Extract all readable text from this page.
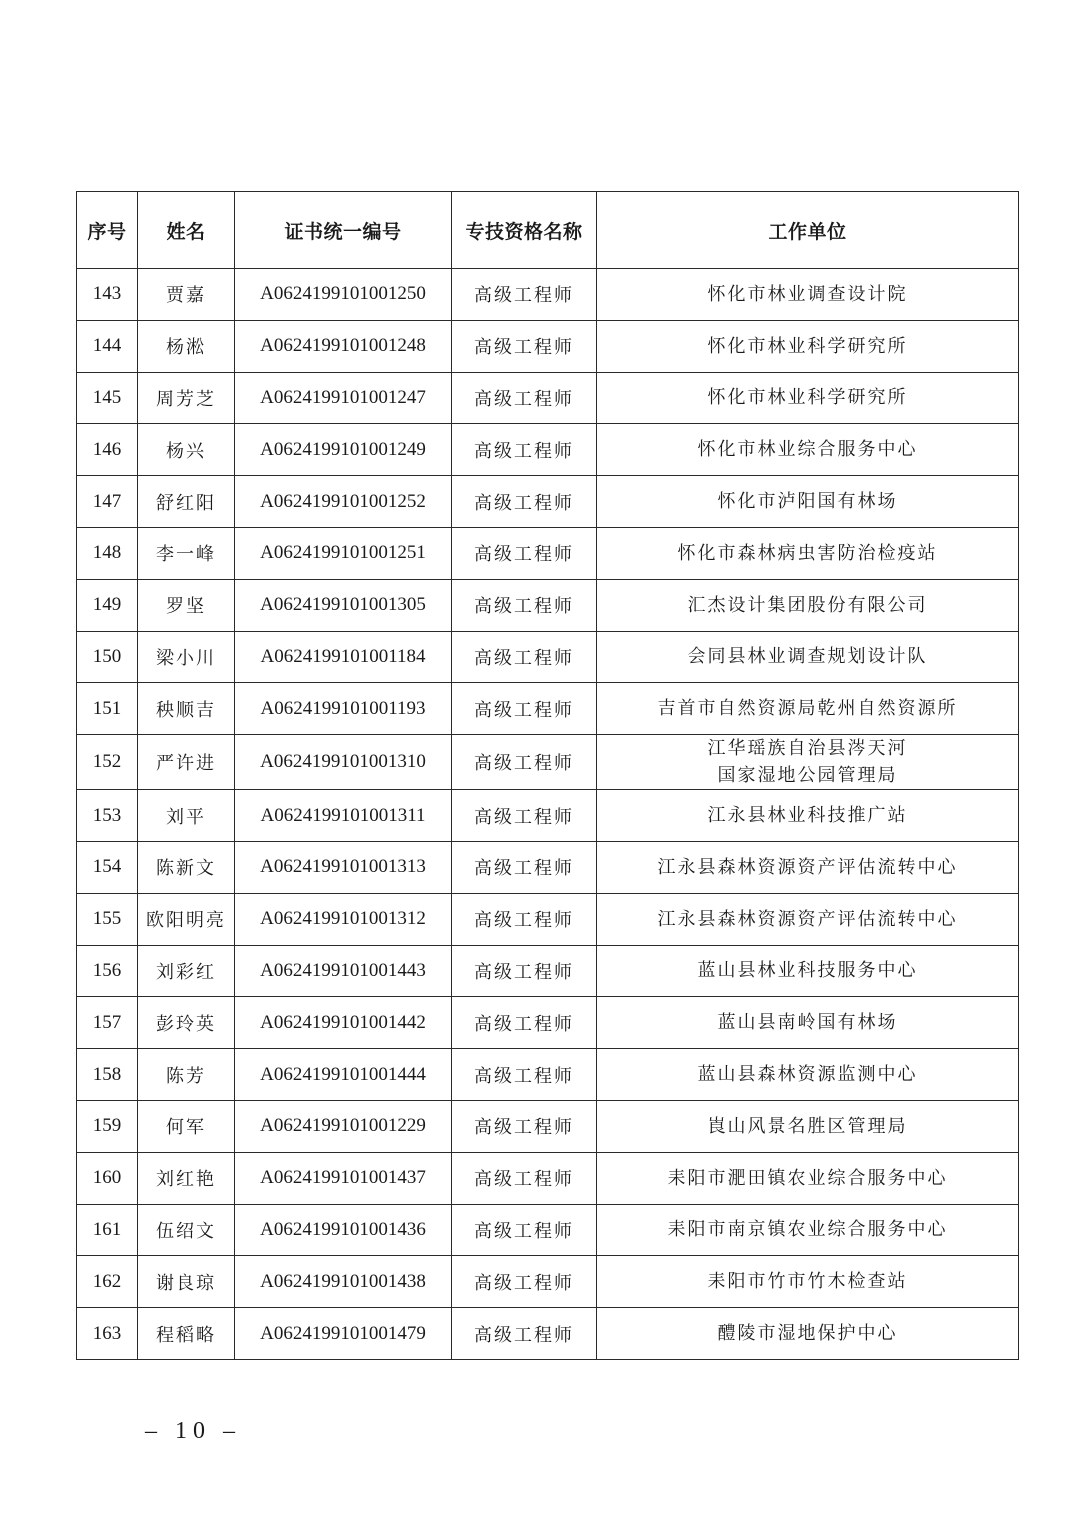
序号	姓名	证书统一编号	专技资格名称	工作单位
143	贾嘉	A0624199101001250	高级工程师	怀化市林业调查设计院

144	杨淞	A0624199101001248	高级工程师	怀化市林业科学研究所

145	周芳芝	A0624199101001247	高级工程师	怀化市林业科学研究所

146	杨兴	A0624199101001249	高级工程师	怀化市林业综合服务中心

147	舒红阳	A0624199101001252	高级工程师	怀化市泸阳国有林场

148	李一峰	A0624199101001251	高级工程师	怀化市森林病虫害防治检疫站

149	罗坚	A0624199101001305	高级工程师	汇杰设计集团股份有限公司

150	梁小川	A0624199101001184	高级工程师	会同县林业调查规划设计队

151	秧顺吉	A0624199101001193	高级工程师	吉首市自然资源局乾州自然资源所

152	严许进	A0624199101001310	高级工程师	江华瑶族自治县涔天河
国家湿地公园管理局

153	刘平	A0624199101001311	高级工程师	江永县林业科技推广站

154	陈新文	A0624199101001313	高级工程师	江永县森林资源资产评估流转中心

155	欧阳明亮	A0624199101001312	高级工程师	江永县森林资源资产评估流转中心

156	刘彩红	A0624199101001443	高级工程师	蓝山县林业科技服务中心

157	彭玲英	A0624199101001442	高级工程师	蓝山县南岭国有林场

158	陈芳	A0624199101001444	高级工程师	蓝山县森林资源监测中心

159	何军	A0624199101001229	高级工程师	崀山风景名胜区管理局

160	刘红艳	A0624199101001437	高级工程师	耒阳市淝田镇农业综合服务中心

161	伍绍文	A0624199101001436	高级工程师	耒阳市南京镇农业综合服务中心

162	谢良琼	A0624199101001438	高级工程师	耒阳市竹市竹木检查站

163	程稻略	A0624199101001479	高级工程师	醴陵市湿地保护中心
– 10 –
